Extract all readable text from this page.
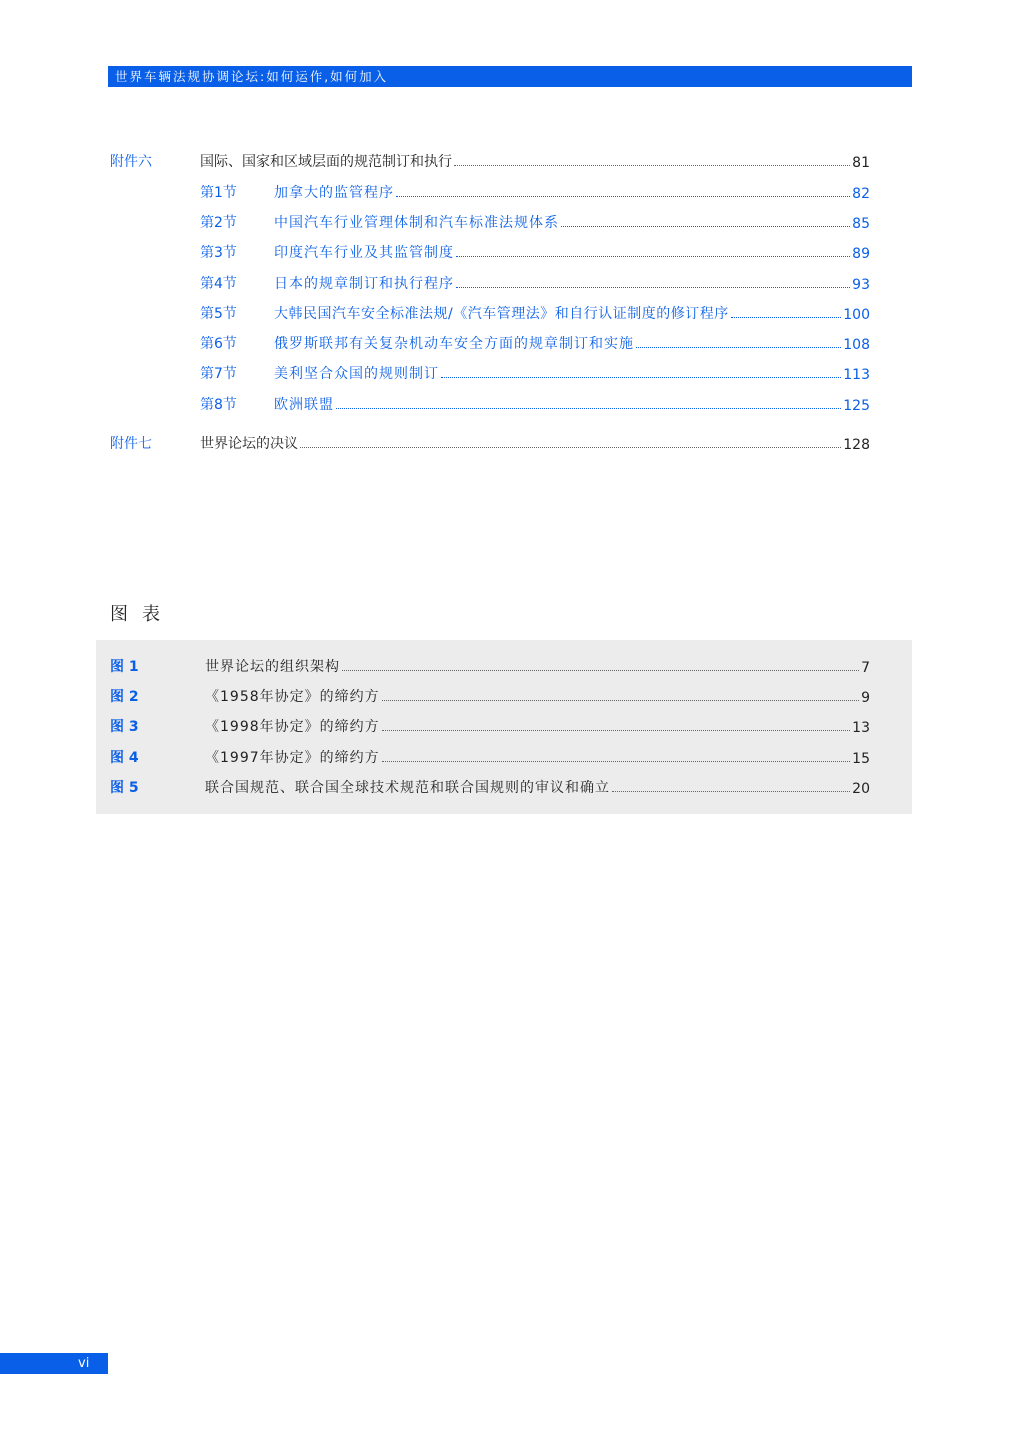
世界车辆法规协调论坛:如何运作,如何加入
附件六	国际、国家和区域层面的规范制订和执行	81
第1节	加拿大的监管程序	82
第2节	中国汽车行业管理体制和汽车标准法规体系	85
第3节	印度汽车行业及其监管制度	89
第4节	日本的规章制订和执行程序	93
第5节	大韩民国汽车安全标准法规/《汽车管理法》和自行认证制度的修订程序	100
第6节	俄罗斯联邦有关复杂机动车安全方面的规章制订和实施	108
第7节	美利坚合众国的规则制订	113
第8节	欧洲联盟	125
附件七	世界论坛的决议	128
图表
图 1	世界论坛的组织架构	7
图 2	《1958年协定》的缔约方	9
图 3	《1998年协定》的缔约方	13
图 4	《1997年协定》的缔约方	15
图 5	联合国规范、联合国全球技术规范和联合国规则的审议和确立	20
vi
